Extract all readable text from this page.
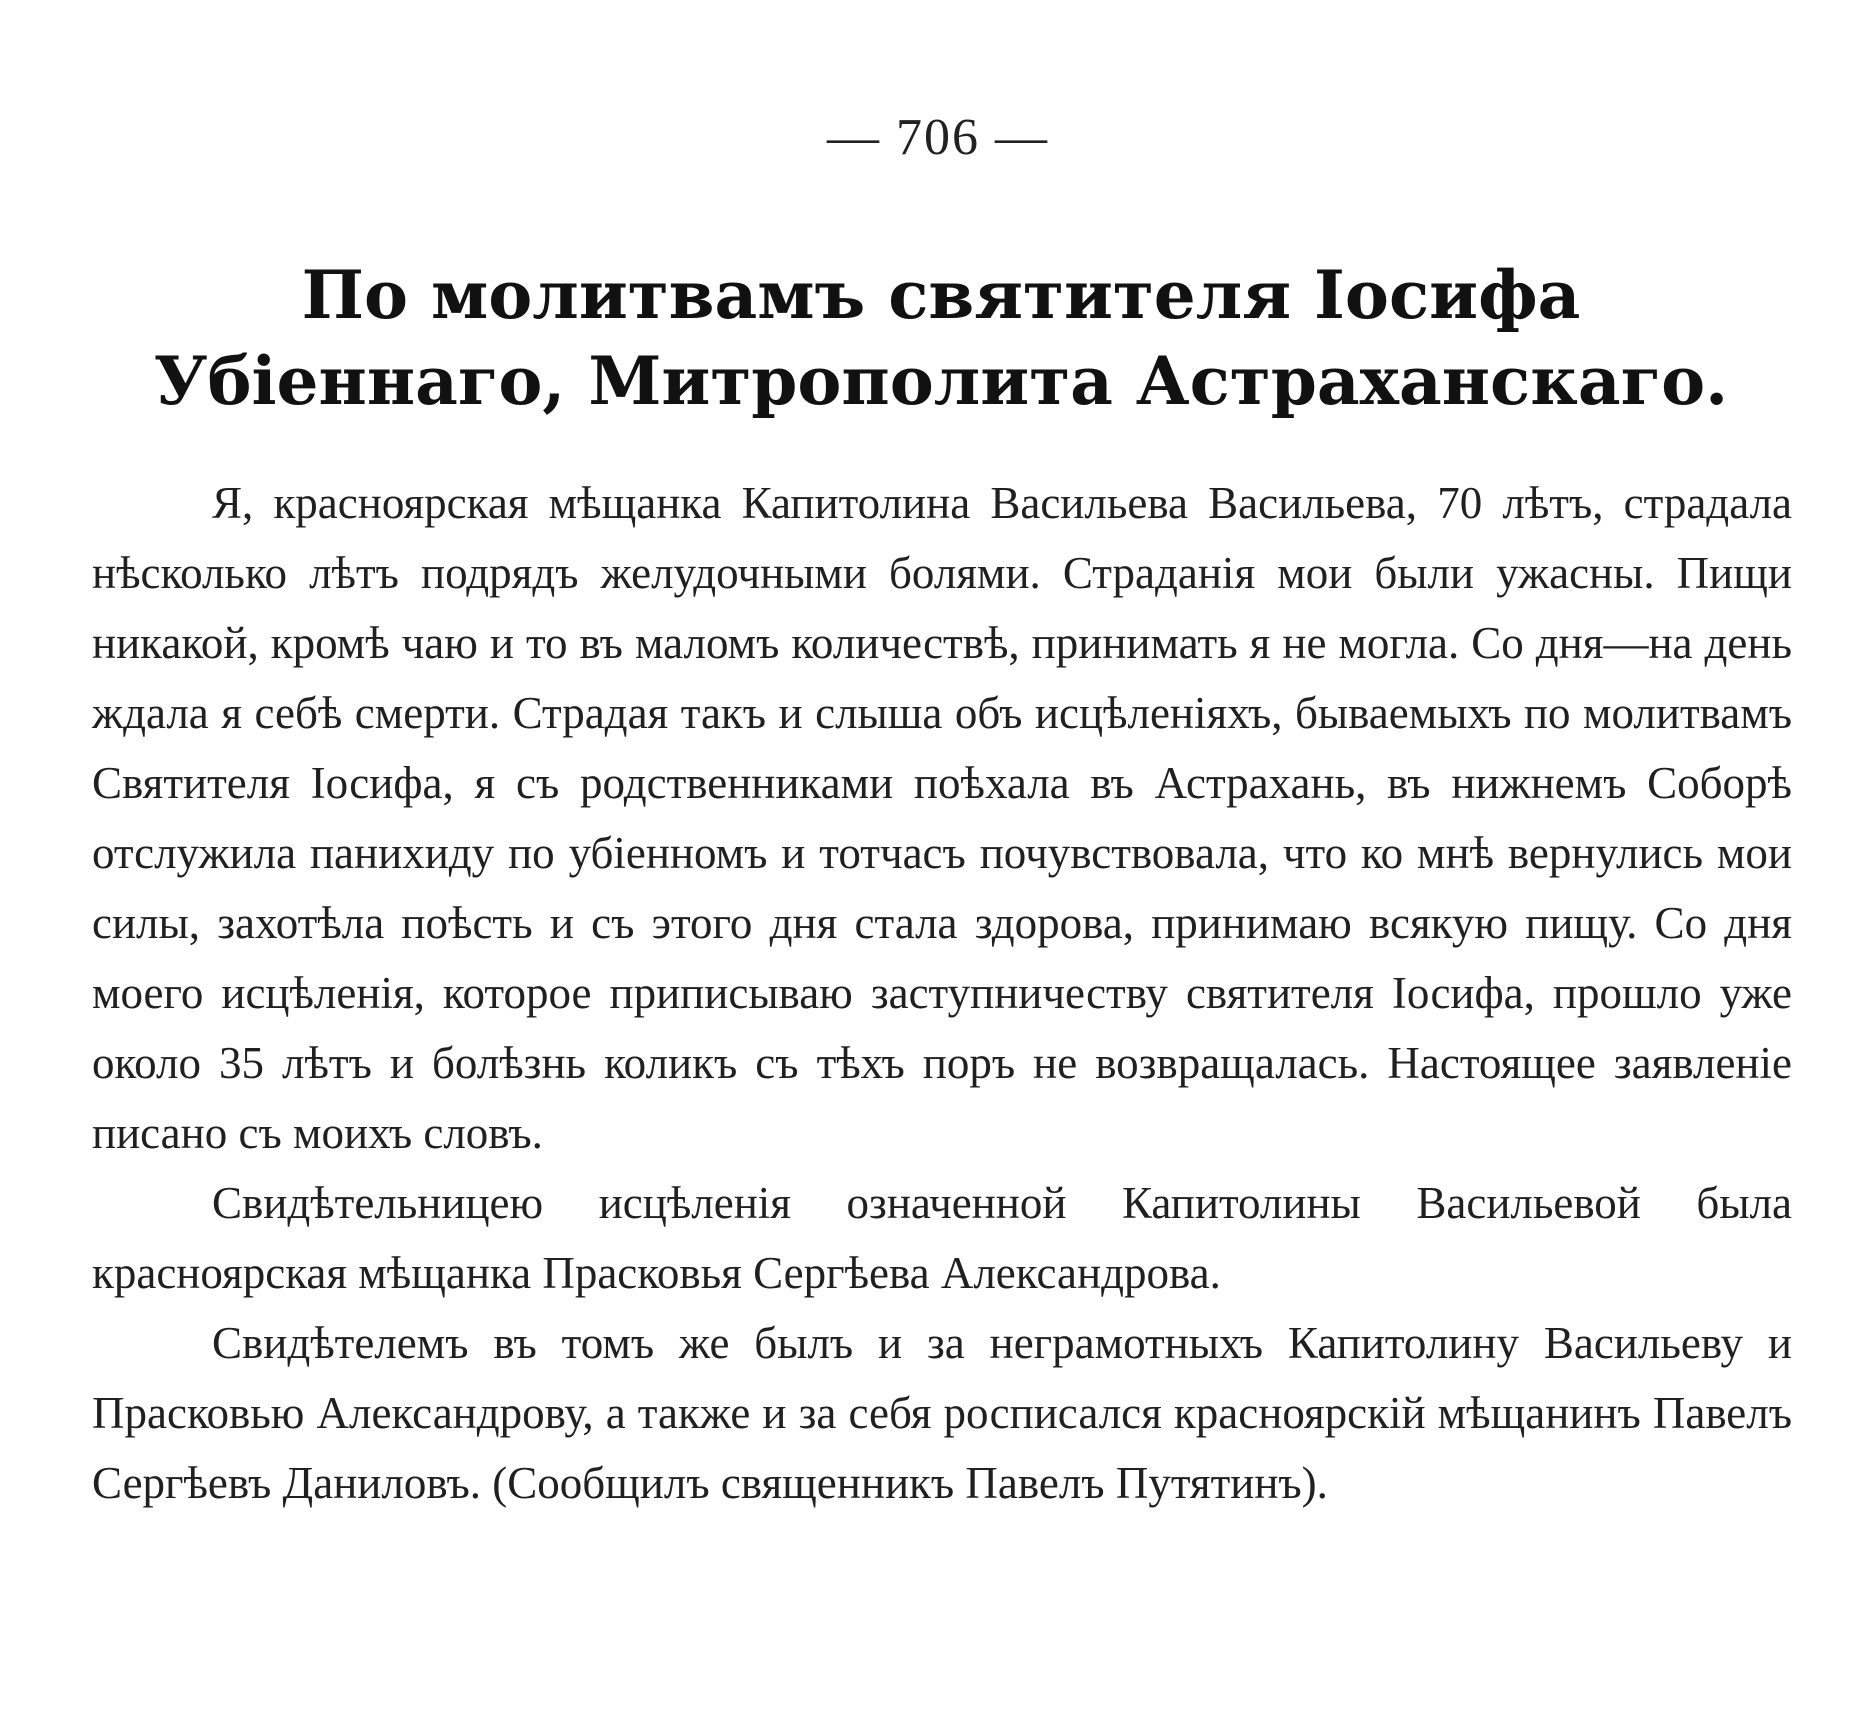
— 706 —
По молитвамъ святителя Іосифа Убіеннаго, Митрополита Астраханскаго.

Я, красноярская мѣщанка Капитолина Васильева Васильева, 70 лѣтъ, страдала нѣсколько лѣтъ подрядъ желудочными болями. Страданія мои были ужасны. Пищи никакой, кромѣ чаю и то въ маломъ количествѣ, принимать я не могла. Со дня—на день ждала я себѣ смерти. Страдая такъ и слыша объ исцѣленіяхъ, бываемыхъ по молитвамъ Святителя Іосифа, я съ родственниками поѣхала въ Астрахань, въ нижнемъ Соборѣ отслужила панихиду по убіенномъ и тотчасъ почувствовала, что ко мнѣ вернулись мои силы, захотѣла поѣсть и съ этого дня стала здорова, принимаю всякую пищу. Со дня моего исцѣленія, которое приписываю заступничеству святителя Іосифа, прошло уже около 35 лѣтъ и болѣзнь коликъ съ тѣхъ поръ не возвращалась. Настоящее заявленіе писано съ моихъ словъ.

Свидѣтельницею исцѣленія означенной Капитолины Васильевой была красноярская мѣщанка Прасковья Сергѣева Александрова.

Свидѣтелемъ въ томъ же былъ и за неграмотныхъ Капитолину Васильеву и Прасковью Александрову, а также и за себя росписался красноярскій мѣщанинъ Павелъ Сергѣевъ Даниловъ. (Сообщилъ священникъ Павелъ Путятинъ).
